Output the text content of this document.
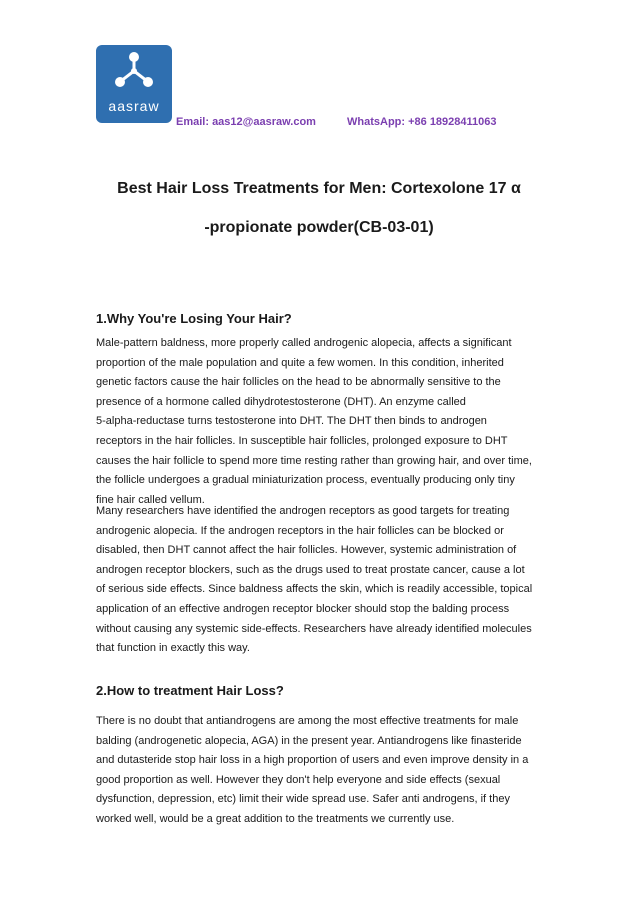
aasraw
Email: aas12@aasraw.com	WhatsApp: +86 18928411063
Best Hair Loss Treatments for Men: Cortexolone 17 α
-propionate powder(CB-03-01)
1.Why You're Losing Your Hair?
Male-pattern baldness, more properly called androgenic alopecia, affects a significant
proportion of the male population and quite a few women. In this condition, inherited
genetic factors cause the hair follicles on the head to be abnormally sensitive to the
presence of a hormone called dihydrotestosterone (DHT). An enzyme called
5-alpha-reductase turns testosterone into DHT. The DHT then binds to androgen
receptors in the hair follicles. In susceptible hair follicles, prolonged exposure to DHT
causes the hair follicle to spend more time resting rather than growing hair, and over time,
the follicle undergoes a gradual miniaturization process, eventually producing only tiny
fine hair called vellum.
Many researchers have identified the androgen receptors as good targets for treating
androgenic alopecia. If the androgen receptors in the hair follicles can be blocked or
disabled, then DHT cannot affect the hair follicles. However, systemic administration of
androgen receptor blockers, such as the drugs used to treat prostate cancer, cause a lot
of serious side effects. Since baldness affects the skin, which is readily accessible, topical
application of an effective androgen receptor blocker should stop the balding process
without causing any systemic side-effects. Researchers have already identified molecules
that function in exactly this way.
2.How to treatment Hair Loss?
There is no doubt that antiandrogens are among the most effective treatments for male
balding (androgenetic alopecia, AGA) in the present year. Antiandrogens like finasteride
and dutasteride stop hair loss in a high proportion of users and even improve density in a
good proportion as well. However they don't help everyone and side effects (sexual
dysfunction, depression, etc) limit their wide spread use. Safer anti androgens, if they
worked well, would be a great addition to the treatments we currently use.
